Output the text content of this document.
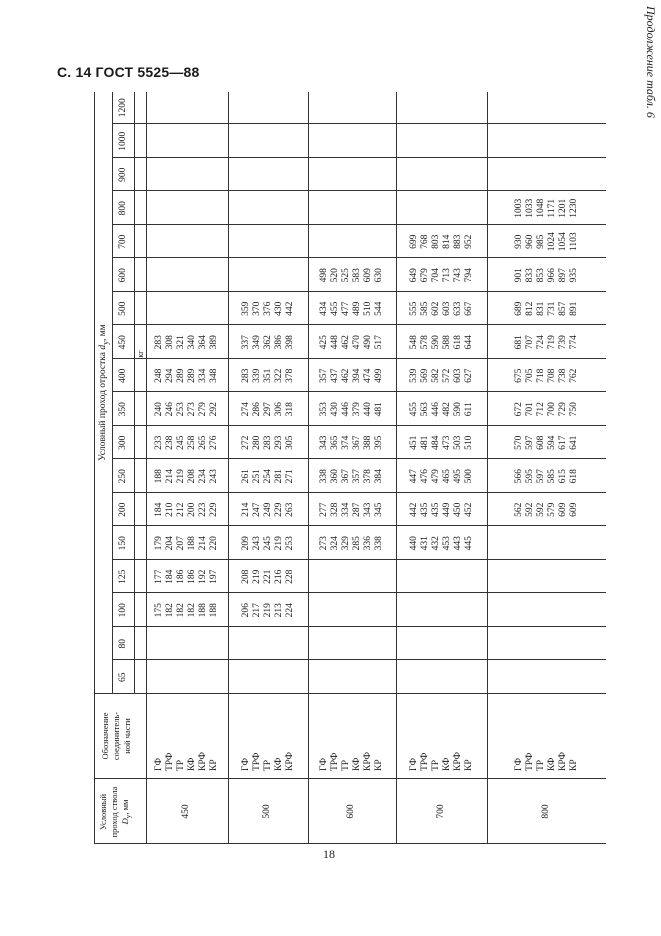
С. 14 ГОСТ 5525—88	Продолжение табл. 6
Условный проход ствола $D_у$, мм
Обозначение соединитель- ной части
Условный проход отростка $d_у$, мм
65
80
100
125
150
200
250
300
350
400
450
500
600
700
800
900
1000
1200
кг
450
ГФ ТРФ ТР КФ КРФ КР
175 182 182 182 188 188
177 184 186 186 192 197
179 204 207 188 214 220
184 210 212 200 223 229
188 214 219 208 234 243
233 238 245 258 265 276
240 246 253 273 279 292
248 294 289 289 334 348
283 308 321 340 364 389
500
ГФ ТРФ ТР КФ КРФ
206 217 219 213 224
208 219 221 216 228
209 243 245 219 253
214 247 249 229 263
261 251 254 281 271
272 280 283 293 305
274 286 297 306 318
283 339 351 322 378
337 349 362 386 398
359 370 376 430 442
600
ГФ ТРФ ТР КФ КРФ КР
273 324 329 285 336 338
277 328 334 287 343 345
338 360 367 357 378 384
343 365 374 367 388 395
353 430 446 379 440 481
357 437 462 394 474 499
425 448 462 470 490 517
434 455 477 489 510 544
498 520 525 583 609 630
700
ГФ ТРФ ТР КФ КРФ КР
440 431 432 453 443 445
442 435 435 449 450 452
447 476 479 465 495 500
451 481 484 473 503 510
455 563 446 482 590 611
539 569 582 572 603 627
548 578 590 588 618 644
555 585 602 603 633 667
649 679 704 713 743 794
699 768 803 814 883 952
800
ГФ ТРФ ТР КФ КРФ КР
562 592 592 579 609 609
566 595 597 585 615 618
570 597 608 594 617 641
672 701 712 700 729 750
675 705 718 708 738 762
681 707 724 719 739 774
689 812 831 731 857 891
901 833 853 966 897 935
930 960 985 1024 1054 1103
1003 1033 1048 1171 1201 1230
18
